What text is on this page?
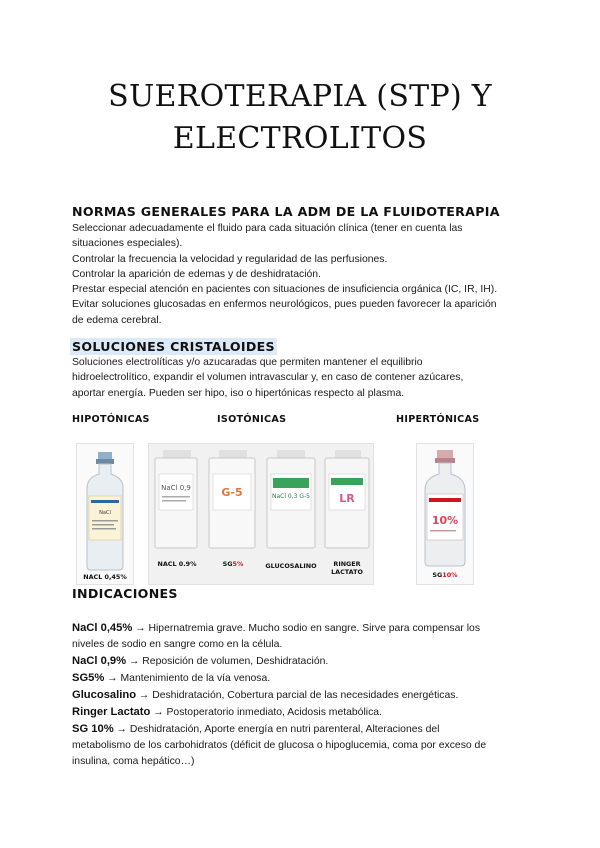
SUEROTERAPIA (STP) Y
ELECTROLITOS
NORMAS GENERALES PARA LA ADM DE LA FLUIDOTERAPIA
Seleccionar adecuadamente el fluido para cada situación clínica (tener en cuenta las
situaciones especiales).
Controlar la frecuencia la velocidad y regularidad de las perfusiones.
Controlar la aparición de edemas y de deshidratación.
Prestar especial atención en pacientes con situaciones de insuficiencia orgánica (IC, IR, IH).
Evitar soluciones glucosadas en enfermos neurológicos, pues pueden favorecer la aparición
de edema cerebral.
SOLUCIONES CRISTALOIDES
Soluciones electrolíticas y/o azucaradas que permiten mantener el equilibrio
hidroelectrolítico, expandir el volumen intravascular y, en caso de contener azúcares,
aportar energía. Pueden ser hipo, iso o hipertónicas respecto al plasma.
HIPOTÓNICAS	ISOTÓNICAS	HIPERTÓNICAS
NaCl
NACL 0,45%
NaCl 0,9	G-5	NaCl 0,3 G-5	LR
NACL 0.9%	SG5%	GLUCOSALINO	RINGER
LACTATO
10%
SG10%
INDICACIONES
NaCl 0,45% → Hipernatremia grave. Mucho sodio en sangre. Sirve para compensar los
niveles de sodio en sangre como en la célula.
NaCl 0,9% → Reposición de volumen, Deshidratación.
SG5% → Mantenimiento de la vía venosa.
Glucosalino → Deshidratación, Cobertura parcial de las necesidades energéticas.
Ringer Lactato → Postoperatorio inmediato, Acidosis metabólica.
SG 10% → Deshidratación, Aporte energía en nutri parenteral, Alteraciones del
metabolismo de los carbohidratos (déficit de glucosa o hipoglucemia, coma por exceso de
insulina, coma hepático…)
